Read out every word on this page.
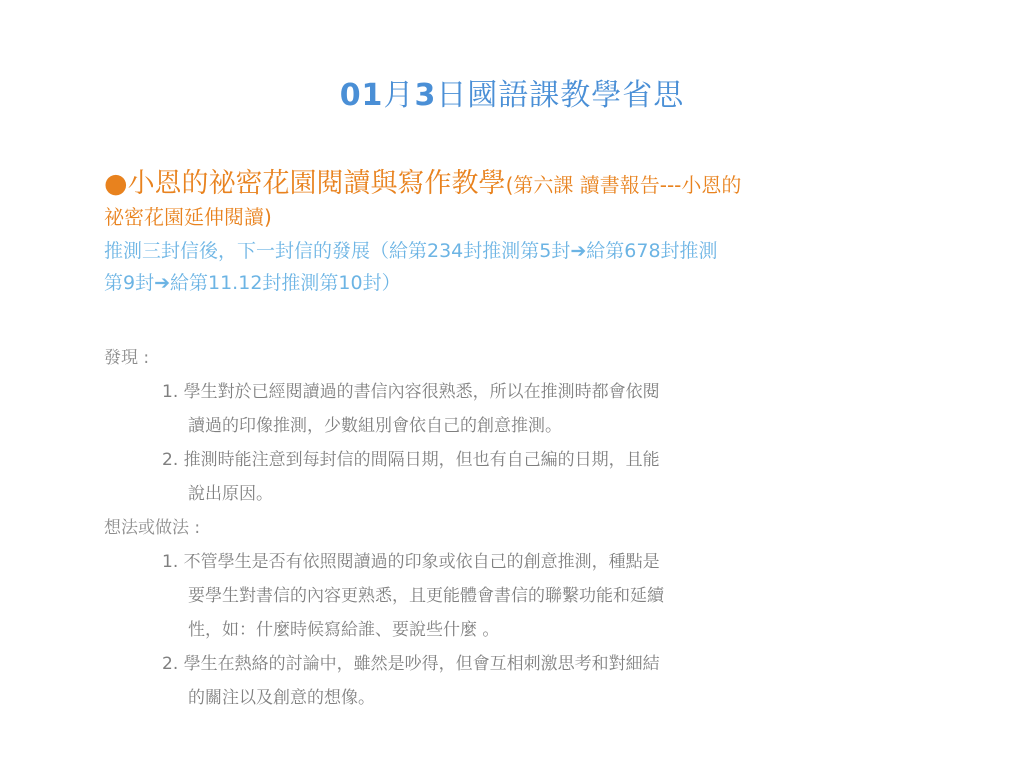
01月3日國語課教學省思
●小恩的祕密花園閱讀與寫作教學(第六課 讀書報告---小恩的
祕密花園延伸閱讀)
推測三封信後，下一封信的發展（給第234封推測第5封➔給第678封推測
第9封➔給第11.12封推測第10封）
發現 :
1. 學生對於已經閱讀過的書信內容很熟悉，所以在推測時都會依閱
讀過的印像推測，少數組別會依自己的創意推測。
2. 推測時能注意到每封信的間隔日期，但也有自己編的日期，且能
說出原因。
想法或做法 :
1. 不管學生是否有依照閱讀過的印象或依自己的創意推測，種點是
要學生對書信的內容更熟悉，且更能體會書信的聯繫功能和延續
性，如：什麼時候寫給誰、要說些什麼 。
2. 學生在熱絡的討論中，雖然是吵得，但會互相刺激思考和對細結
的關注以及創意的想像。
